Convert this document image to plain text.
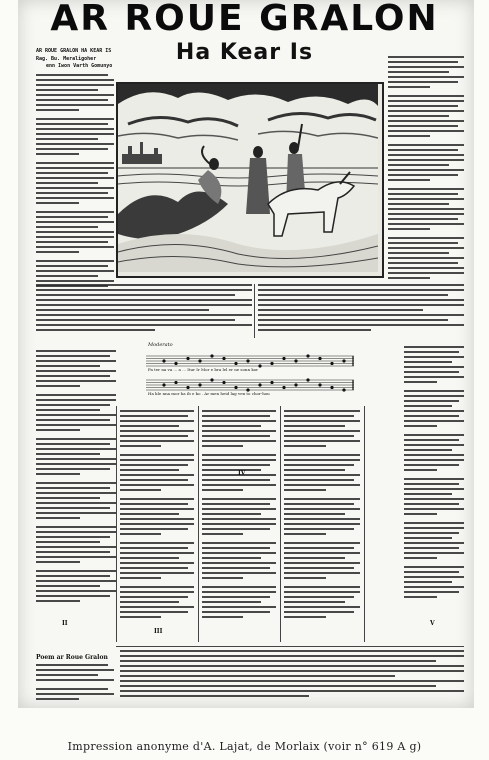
AR ROUE GRALON
Ha Kear Is
AR ROUE GRALON HA KEAR IS
Rag. Bu. Meraligoher
enn Iwon Varth Gomunyo
Moderato
Pa ter na va ... a ... Itur Ir Mor e bra lel er ne sonn kor
Ha kle nna mor ha ib e ko . Ar men heid lag ven to chor-hou
II
Poem ar Roue Gralon
III
IV
V
Impression anonyme d'A. Lajat, de Morlaix (voir n° 619 A g)
